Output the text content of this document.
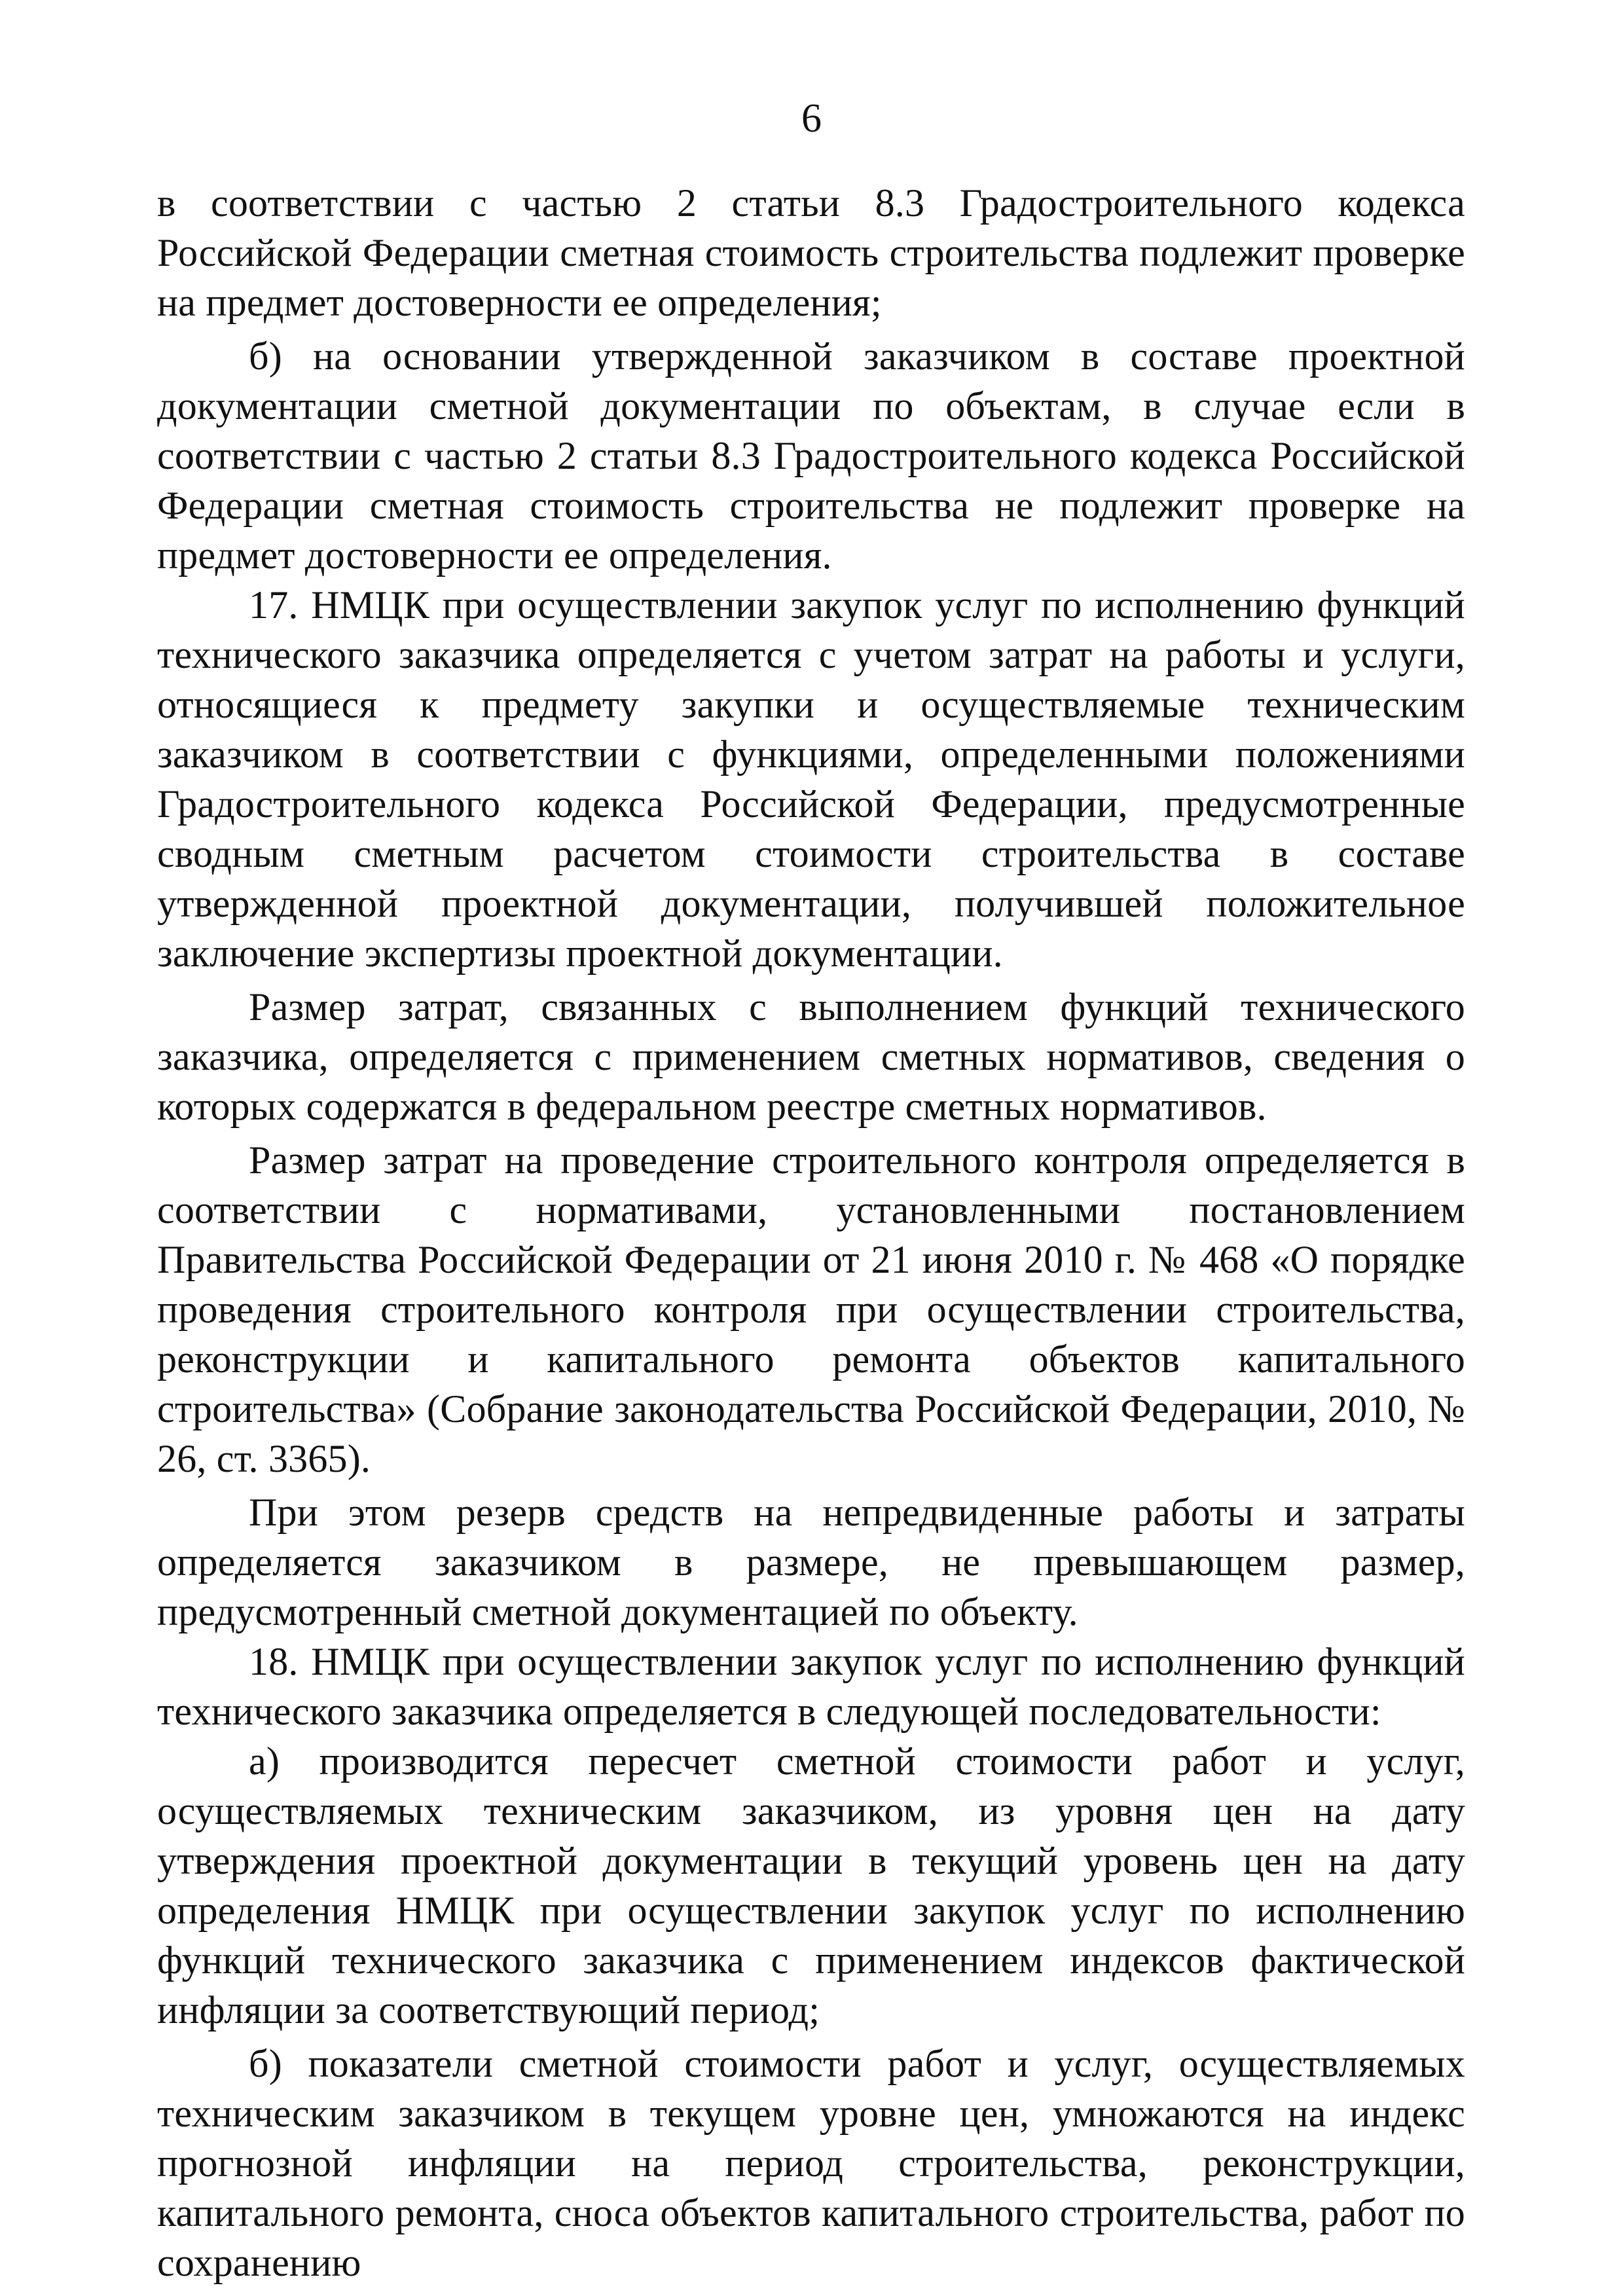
6

в соответствии с частью 2 статьи 8.3 Градостроительного кодекса Российской Федерации сметная стоимость строительства подлежит проверке на предмет достоверности ее определения;

б) на основании утвержденной заказчиком в составе проектной документации сметной документации по объектам, в случае если в соответствии с частью 2 статьи 8.3 Градостроительного кодекса Российской Федерации сметная стоимость строительства не подлежит проверке на предмет достоверности ее определения.

17. НМЦК при осуществлении закупок услуг по исполнению функций технического заказчика определяется с учетом затрат на работы и услуги, относящиеся к предмету закупки и осуществляемые техническим заказчиком в соответствии с функциями, определенными положениями Градостроительного кодекса Российской Федерации, предусмотренные сводным сметным расчетом стоимости строительства в составе утвержденной проектной документации, получившей положительное заключение экспертизы проектной документации.

Размер затрат, связанных с выполнением функций технического заказчика, определяется с применением сметных нормативов, сведения о которых содержатся в федеральном реестре сметных нормативов.

Размер затрат на проведение строительного контроля определяется в соответствии с нормативами, установленными постановлением Правительства Российской Федерации от 21 июня 2010 г. № 468 «О порядке проведения строительного контроля при осуществлении строительства, реконструкции и капитального ремонта объектов капитального строительства» (Собрание законодательства Российской Федерации, 2010, № 26, ст. 3365).

При этом резерв средств на непредвиденные работы и затраты определяется заказчиком в размере, не превышающем размер, предусмотренный сметной документацией по объекту.

18. НМЦК при осуществлении закупок услуг по исполнению функций технического заказчика определяется в следующей последовательности:

а) производится пересчет сметной стоимости работ и услуг, осуществляемых техническим заказчиком, из уровня цен на дату утверждения проектной документации в текущий уровень цен на дату определения НМЦК при осуществлении закупок услуг по исполнению функций технического заказчика с применением индексов фактической инфляции за соответствующий период;

б) показатели сметной стоимости работ и услуг, осуществляемых техническим заказчиком в текущем уровне цен, умножаются на индекс прогнозной инфляции на период строительства, реконструкции, капитального ремонта, сноса объектов капитального строительства, работ по сохранению
